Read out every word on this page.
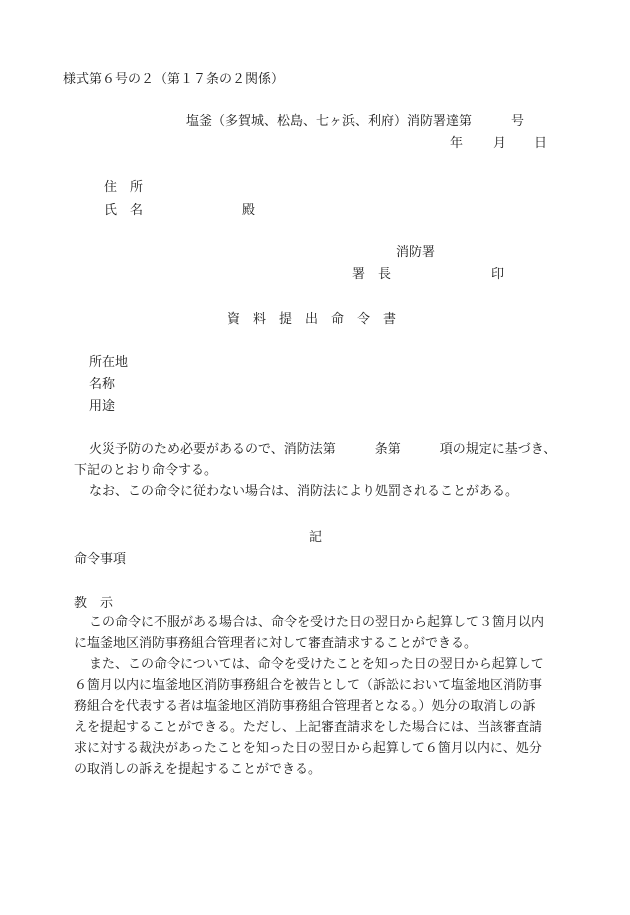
様式第６号の２（第１７条の２関係）
塩釜（多賀城、松島、七ヶ浜、利府）消防署達第　　　号
年 月 日
住　所
氏　名	殿
消防署
署　長	印
資　料　提　出　命　令　書
所在地
名称
用途
火災予防のため必要があるので、消防法第　　　条第　　　項の規定に基づき、
下記のとおり命令する。
なお、この命令に従わない場合は、消防法により処罰されることがある。
記
命令事項
教　示
この命令に不服がある場合は、命令を受けた日の翌日から起算して３箇月以内
に塩釜地区消防事務組合管理者に対して審査請求することができる。
また、この命令については、命令を受けたことを知った日の翌日から起算して
６箇月以内に塩釜地区消防事務組合を被告として（訴訟において塩釜地区消防事
務組合を代表する者は塩釜地区消防事務組合管理者となる。）処分の取消しの訴
えを提起することができる。ただし、上記審査請求をした場合には、当該審査請
求に対する裁決があったことを知った日の翌日から起算して６箇月以内に、処分
の取消しの訴えを提起することができる。
